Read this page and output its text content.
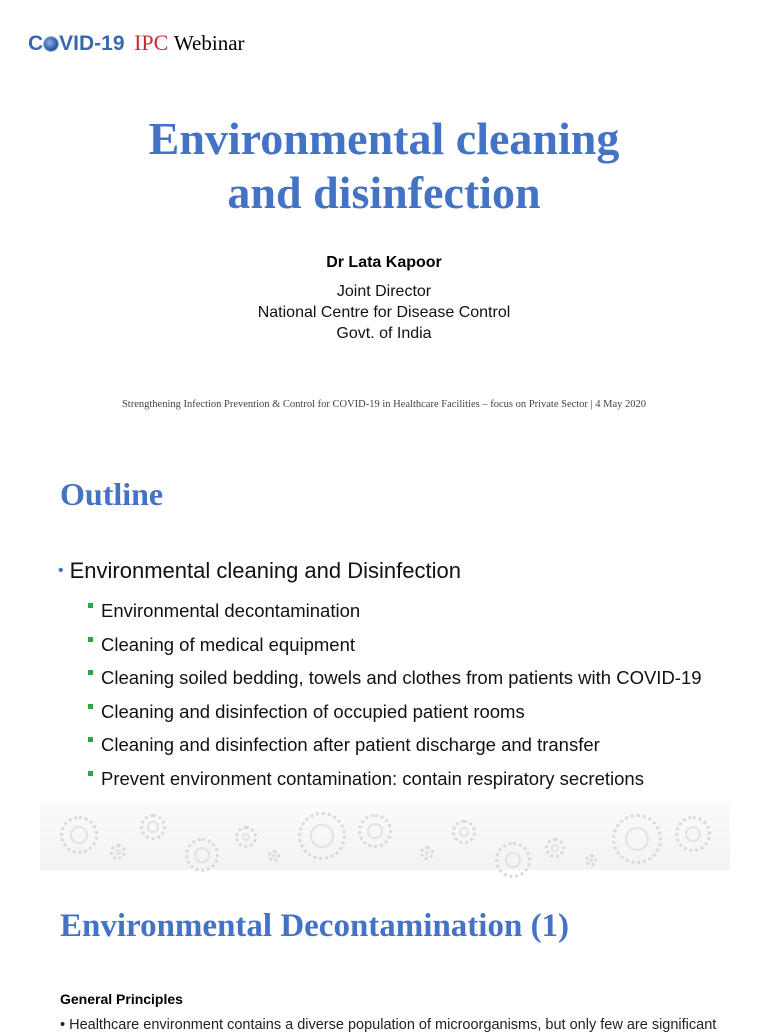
C VID-19 IPC Webinar
Environmental cleaning
and disinfection
Dr Lata Kapoor
Joint Director
National Centre for Disease Control
Govt. of India
Strengthening Infection Prevention & Control for COVID-19 in Healthcare Facilities – focus on Private Sector | 4 May 2020
Outline
• Environmental cleaning and Disinfection
Environmental decontamination
Cleaning of medical equipment
Cleaning soiled bedding, towels and clothes from patients with COVID-19
Cleaning and disinfection of occupied patient rooms
Cleaning and disinfection after patient discharge and transfer
Prevent environment contamination: contain respiratory secretions
Environmental Decontamination (1)
General Principles
• Healthcare environment contains a diverse population of microorganisms, but only few are significant
